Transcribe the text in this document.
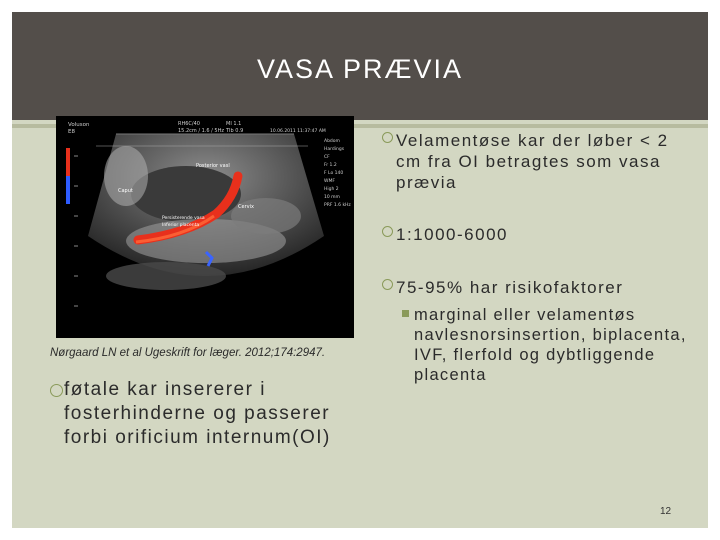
VASA PRÆVIA
Voluson
E8
RH6C/40
15.2cm / 1.6 / 5Hz
MI 1.1
TIb 0.9	10.06.2011 11:37:47 AM
Caput
Posterior vasl
Cervix
Persisterende vasa
Inferior placenta
Abdom
Hardings
CF
Fr 1.2
F Lo 140
WMF
High 2
10 mm
PRF 1.6 kHz
Nørgaard LN et al Ugeskrift for læger. 2012;174:2947.
føtale kar insererer i fosterhinderne og passerer forbi orificium internum(OI)
Velamentøse kar der løber < 2 cm fra OI betragtes som vasa prævia
1:1000-6000
75-95% har risikofaktorer
marginal eller velamentøs navlesnorsinsertion, biplacenta, IVF, flerfold og dybtliggende placenta
12
